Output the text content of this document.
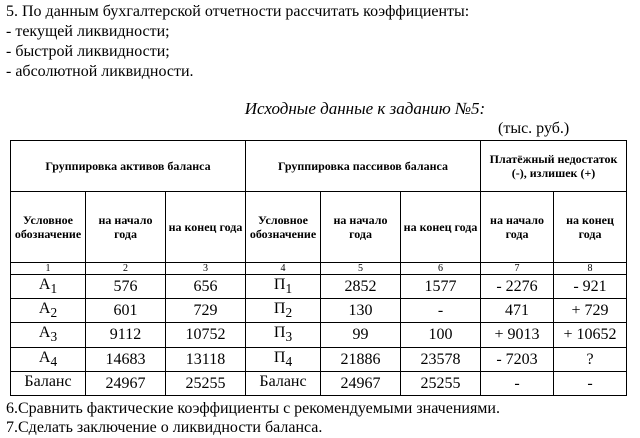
5. По данным бухгалтерской отчетности рассчитать коэффициенты:
- текущей ликвидности;
- быстрой ликвидности;
- абсолютной ликвидности.
Исходные данные к заданию №5:
(тыс. руб.)
Группировка активов баланса			Группировка пассивов баланса			Платёжный недостаток (-), излишек (+)	
Условное обозначение	на начало года	на конец года	Условное обозначение	на начало года	на конец года	на начало года	на конец года
1	2	3	4	5	6	7	8
$А_1$	576	656	$П_1$	2852	1577	- 2276	- 921
$А_2$	601	729	$П_2$	130	-	471	+ 729
$А_3$	9112	10752	$П_3$	99	100	+ 9013	+ 10652
$А_4$	14683	13118	$П_4$	21886	23578	- 7203	?
Баланс	24967	25255	Баланс	24967	25255	-	-
6.Сравнить фактические коэффициенты с рекомендуемыми значениями.
7.Сделать заключение о ликвидности баланса.
